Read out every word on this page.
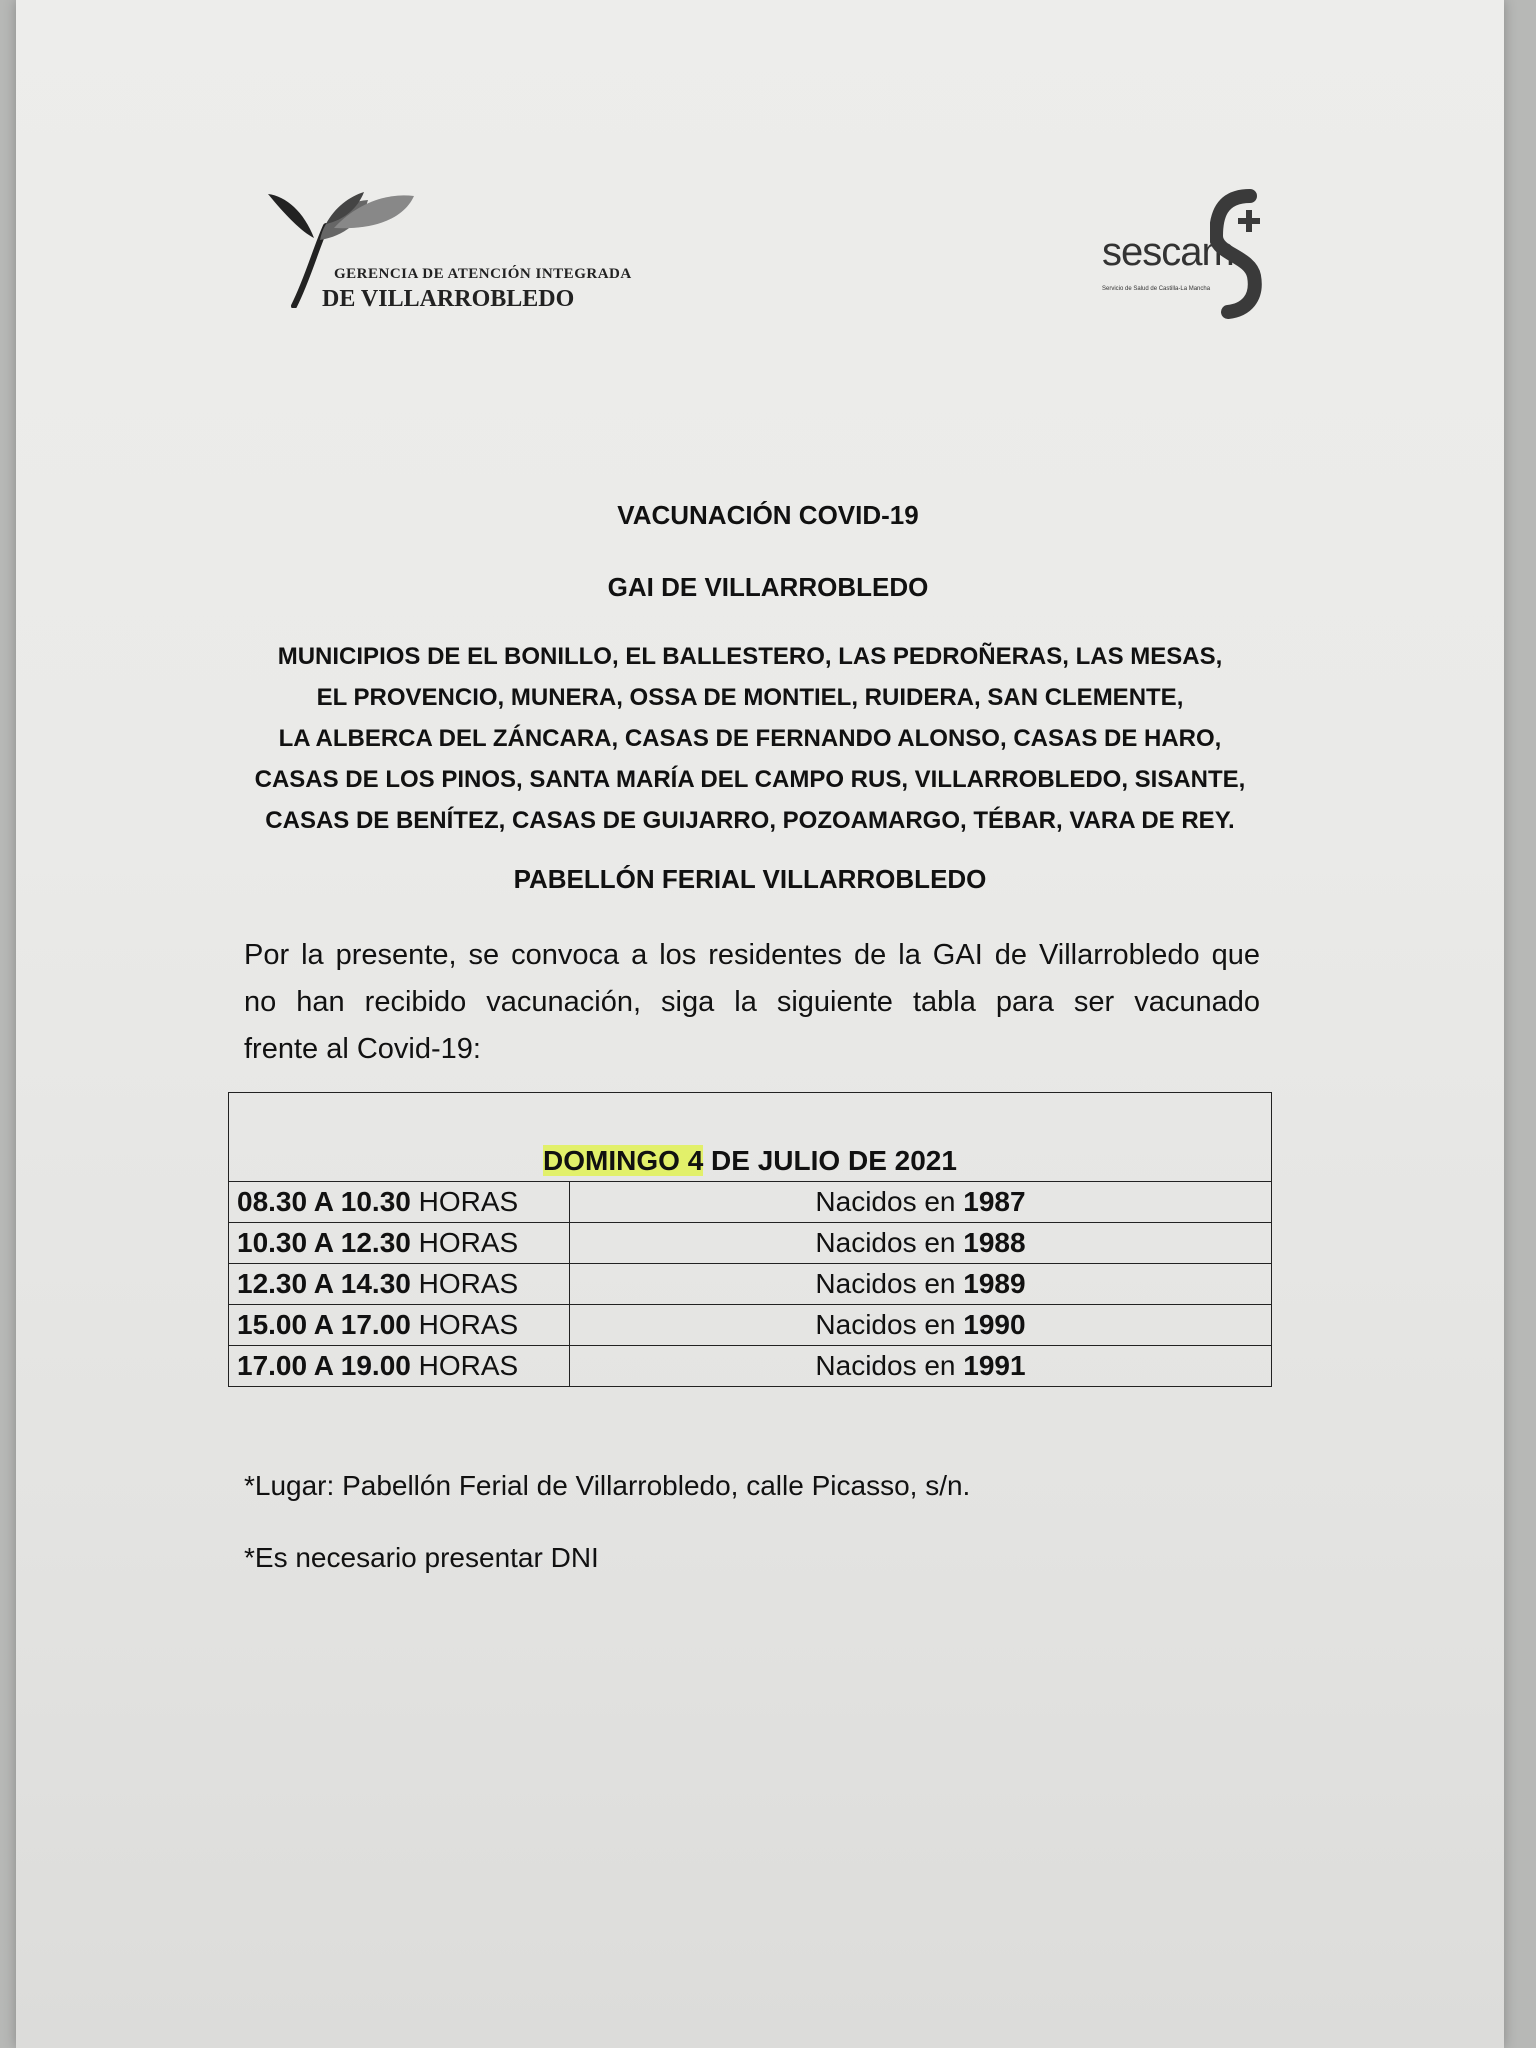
GERENCIA DE ATENCIÓN INTEGRADA
DE VILLARROBLEDO
sescam
Servicio de Salud de Castilla-La Mancha
VACUNACIÓN COVID-19
GAI DE VILLARROBLEDO
MUNICIPIOS DE EL BONILLO, EL BALLESTERO, LAS PEDROÑERAS, LAS MESAS,
EL PROVENCIO, MUNERA, OSSA DE MONTIEL, RUIDERA, SAN CLEMENTE,
LA ALBERCA DEL ZÁNCARA, CASAS DE FERNANDO ALONSO, CASAS DE HARO,
CASAS DE LOS PINOS, SANTA MARÍA DEL CAMPO RUS, VILLARROBLEDO, SISANTE,
CASAS DE BENÍTEZ, CASAS DE GUIJARRO, POZOAMARGO, TÉBAR, VARA DE REY.
PABELLÓN FERIAL VILLARROBLEDO
Por la presente, se convoca a los residentes de la GAI de Villarrobledo que
no han recibido vacunación, siga la siguiente tabla para ser vacunado
frente al Covid-19:
DOMINGO 4 DE JULIO DE 2021	
08.30 A 10.30 HORAS	Nacidos en 1987
10.30 A 12.30 HORAS	Nacidos en 1988
12.30 A 14.30 HORAS	Nacidos en 1989
15.00 A 17.00 HORAS	Nacidos en 1990
17.00 A 19.00 HORAS	Nacidos en 1991
*Lugar: Pabellón Ferial de Villarrobledo, calle Picasso, s/n.
*Es necesario presentar DNI
